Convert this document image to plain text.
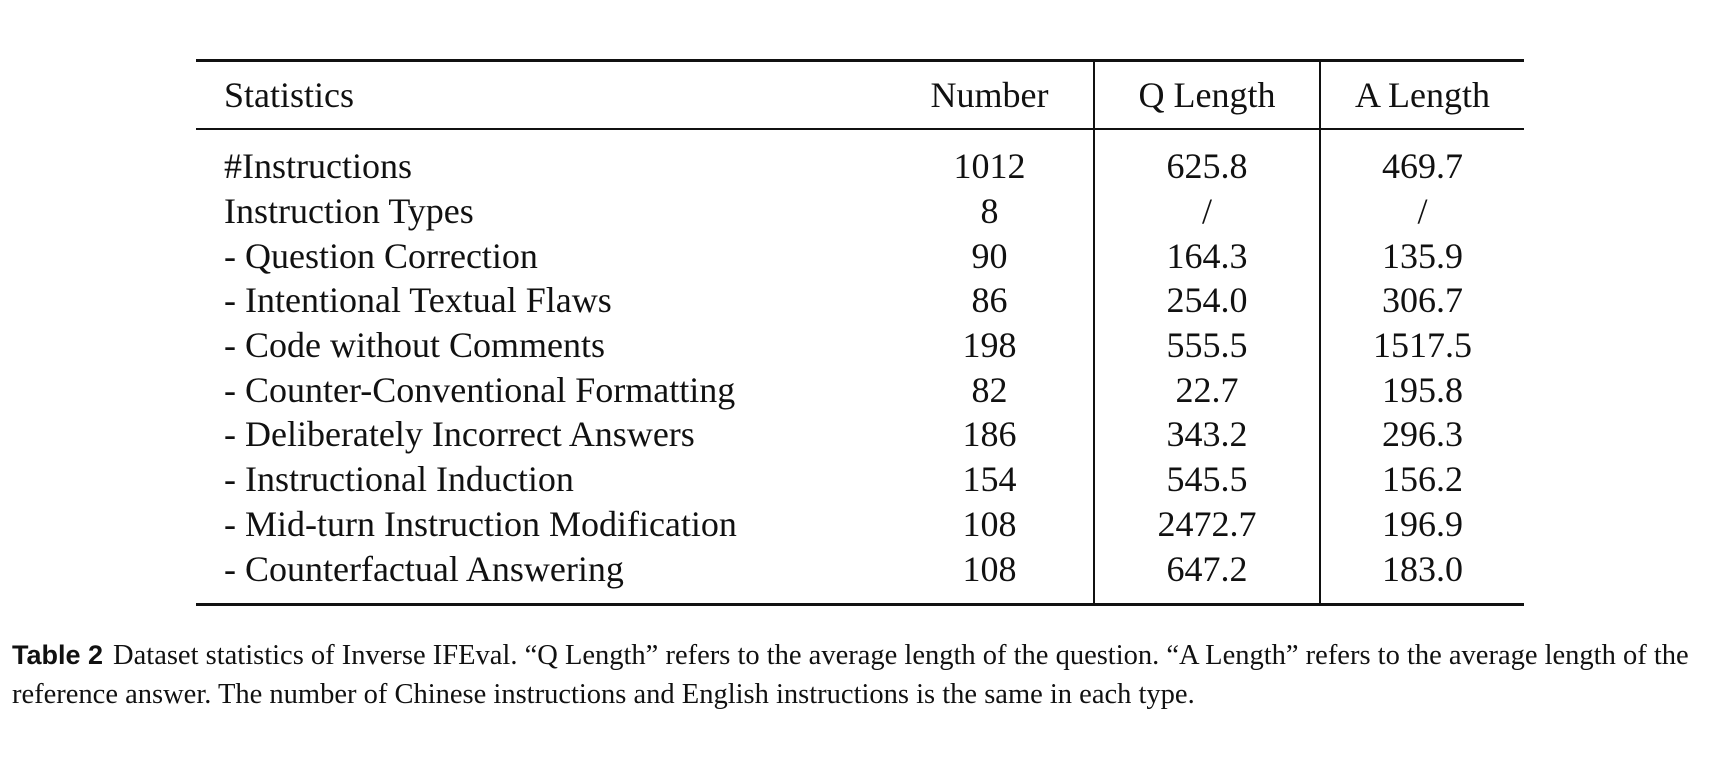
Statistics	Number	Q Length	A Length
#Instructions	1012	625.8	469.7
Instruction Types	8	/	/
- Question Correction	90	164.3	135.9
- Intentional Textual Flaws	86	254.0	306.7
- Code without Comments	198	555.5	1517.5
- Counter-Conventional Formatting	82	22.7	195.8
- Deliberately Incorrect Answers	186	343.2	296.3
- Instructional Induction	154	545.5	156.2
- Mid-turn Instruction Modification	108	2472.7	196.9
- Counterfactual Answering	108	647.2	183.0
Table 2 Dataset statistics of Inverse IFEval. “Q Length” refers to the average length of the question. “A Length” refers to the average length of the reference answer. The number of Chinese instructions and English instructions is the same in each type.
